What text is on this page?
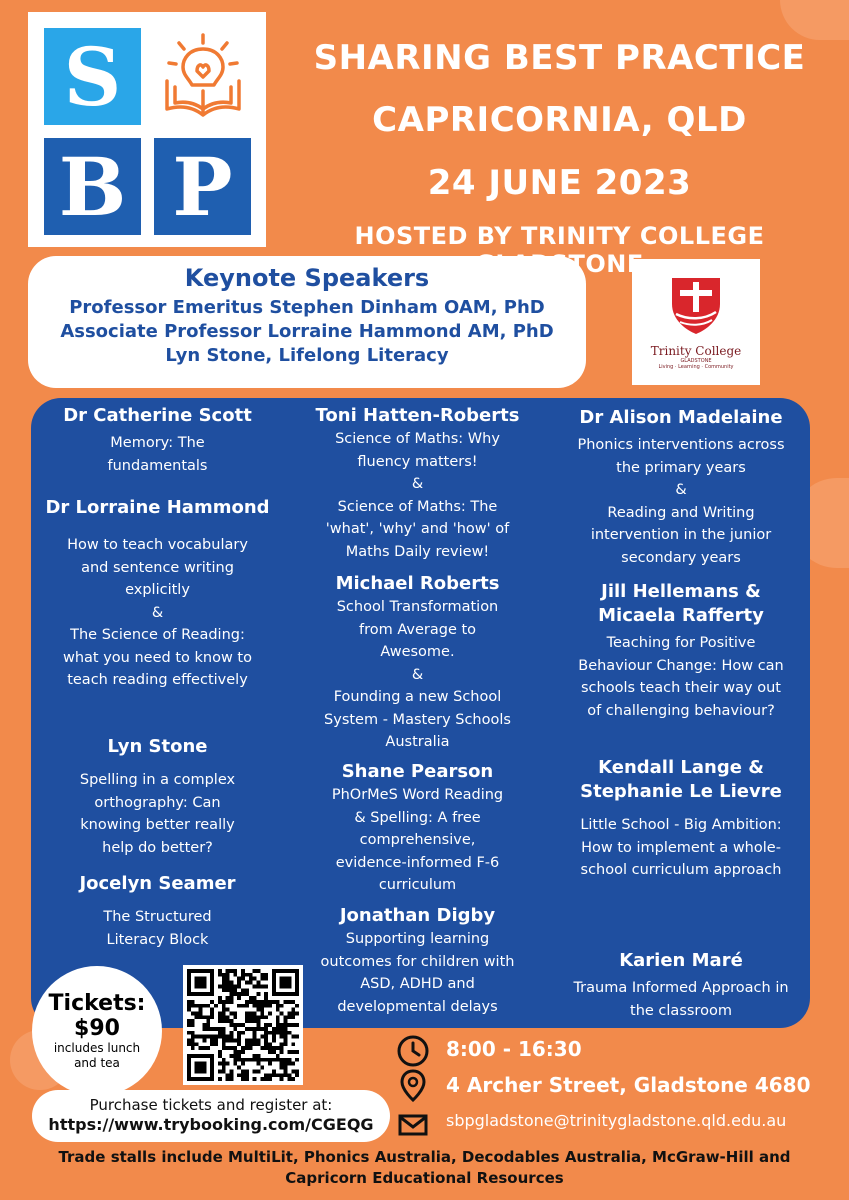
S
B P
SHARING BEST PRACTICE
CAPRICORNIA, QLD
24 JUNE 2023
HOSTED BY TRINITY COLLEGE
Keynote Speakers
Professor Emeritus Stephen Dinham OAM, PhD
Associate Professor Lorraine Hammond AM, PhD
Lyn Stone, Lifelong Literacy	Trinity College
GLADSTONE
Living · Learning · Community
Dr Catherine Scott
Memory: The fundamentals
Dr Lorraine Hammond
How to teach vocabulary and sentence writing explicitly
&
The Science of Reading: what you need to know to teach reading effectively
Lyn Stone
Spelling in a complex orthography: Can knowing better really help do better?
Jocelyn Seamer
The Structured Literacy Block
Toni Hatten-Roberts
Science of Maths: Why fluency matters!
&
Science of Maths: The 'what', 'why' and 'how' of Maths Daily review!
Michael Roberts
School Transformation from Average to Awesome.
&
Founding a new School System - Mastery Schools Australia
Shane Pearson
PhOrMeS Word Reading & Spelling: A free comprehensive, evidence-informed F-6 curriculum
Jonathan Digby
Supporting learning outcomes for children with ASD, ADHD and developmental delays
Dr Alison Madelaine
Phonics interventions across the primary years
&
Reading and Writing intervention in the junior secondary years
Jill Hellemans & Micaela Rafferty
Teaching for Positive Behaviour Change: How can schools teach their way out of challenging behaviour?
Kendall Lange & Stephanie Le Lievre
Little School - Big Ambition:
How to implement a whole-school curriculum approach
Karien Maré
Trauma Informed Approach in the classroom
Tickets:
$90
includes lunch and tea
8:00 - 16:30
4 Archer Street, Gladstone 4680
sbpgladstone@trinitygladstone.qld.edu.au
Purchase tickets and register at:
https://www.trybooking.com/CGEQG
Trade stalls include MultiLit, Phonics Australia, Decodables Australia, McGraw-Hill and
Capricorn Educational Resources
